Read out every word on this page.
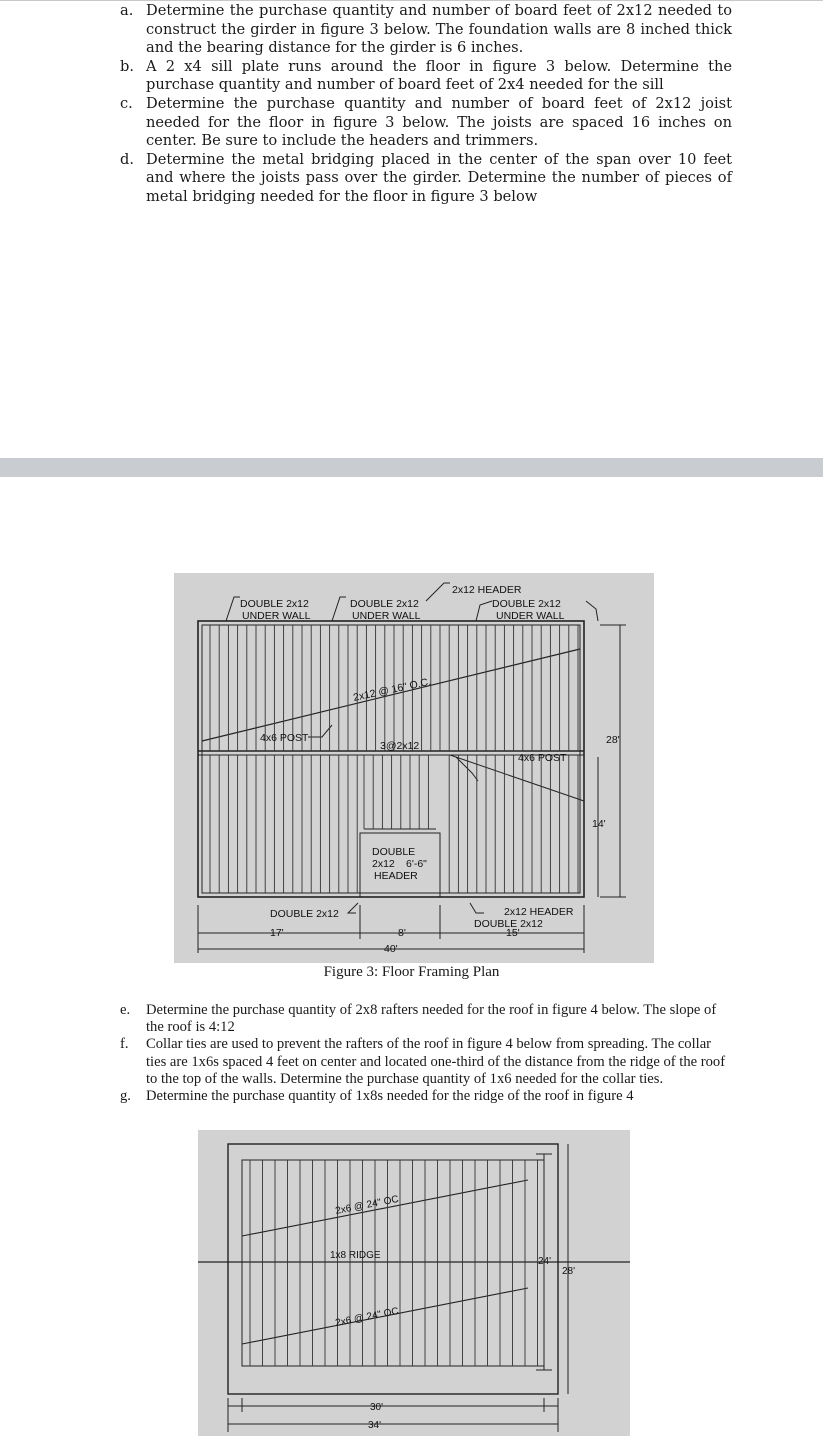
a. Determine the purchase quantity and number of board feet of 2x12 needed to construct the girder in figure 3 below. The foundation walls are 8 inched thick and the bearing distance for the girder is 6 inches.
b. A 2 x4 sill plate runs around the floor in figure 3 below. Determine the purchase quantity and number of board feet of 2x4 needed for the sill
c. Determine the purchase quantity and number of board feet of 2x12 joist needed for the floor in figure 3 below. The joists are spaced 16 inches on center. Be sure to include the headers and trimmers.
d. Determine the metal bridging placed in the center of the span over 10 feet and where the joists pass over the girder. Determine the number of pieces of metal bridging needed for the floor in figure 3 below
DOUBLE 2x12
UNDER WALL
DOUBLE 2x12
UNDER WALL
2x12 HEADER
DOUBLE 2x12
UNDER WALL
2x12 @ 16" O.C.
3@2x12
4x6 POST
4x6 POST
DOUBLE
2x12 6'-6"
HEADER
DOUBLE 2x12	2x12 HEADER
DOUBLE 2x12
17'	8'	15'
40'
28'
14'
Figure 3: Floor Framing Plan
e. Determine the purchase quantity of 2x8 rafters needed for the roof in figure 4 below. The slope of the roof is 4:12
f. Collar ties are used to prevent the rafters of the roof in figure 4 below from spreading. The collar ties are 1x6s spaced 4 feet on center and located one-third of the distance from the ridge of the roof to the top of the walls. Determine the purchase quantity of 1x6 needed for the collar ties.
g. Determine the purchase quantity of 1x8s needed for the ridge of the roof in figure 4
2x6 @ 24" OC
1x8 RIDGE
2x6 @ 24" OC
24'
28'
30'
34'
